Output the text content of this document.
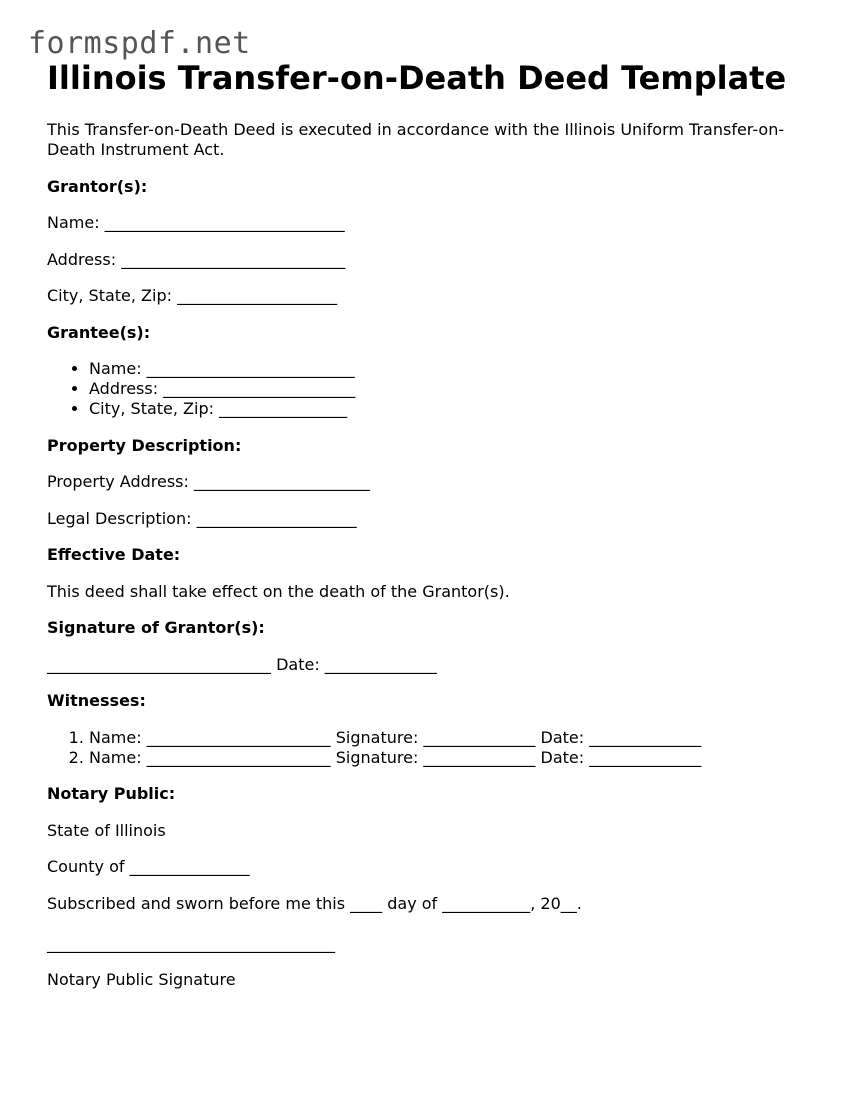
formspdf.net
Illinois Transfer-on-Death Deed Template

This Transfer-on-Death Deed is executed in accordance with the Illinois Uniform Transfer-on-Death Instrument Act.

Grantor(s):

Name: ______________________________

Address: ____________________________

City, State, Zip: ____________________

Grantee(s):

• Name: __________________________
• Address: ________________________
• City, State, Zip: ________________

Property Description:

Property Address: ______________________

Legal Description: ____________________

Effective Date:

This deed shall take effect on the death of the Grantor(s).

Signature of Grantor(s):

____________________________ Date: ______________

Witnesses:

1. Name: _______________________ Signature: ______________ Date: ______________
2. Name: _______________________ Signature: ______________ Date: ______________

Notary Public:

State of Illinois

County of _______________

Subscribed and sworn before me this ____ day of ___________, 20__.

____________________________________

Notary Public Signature
